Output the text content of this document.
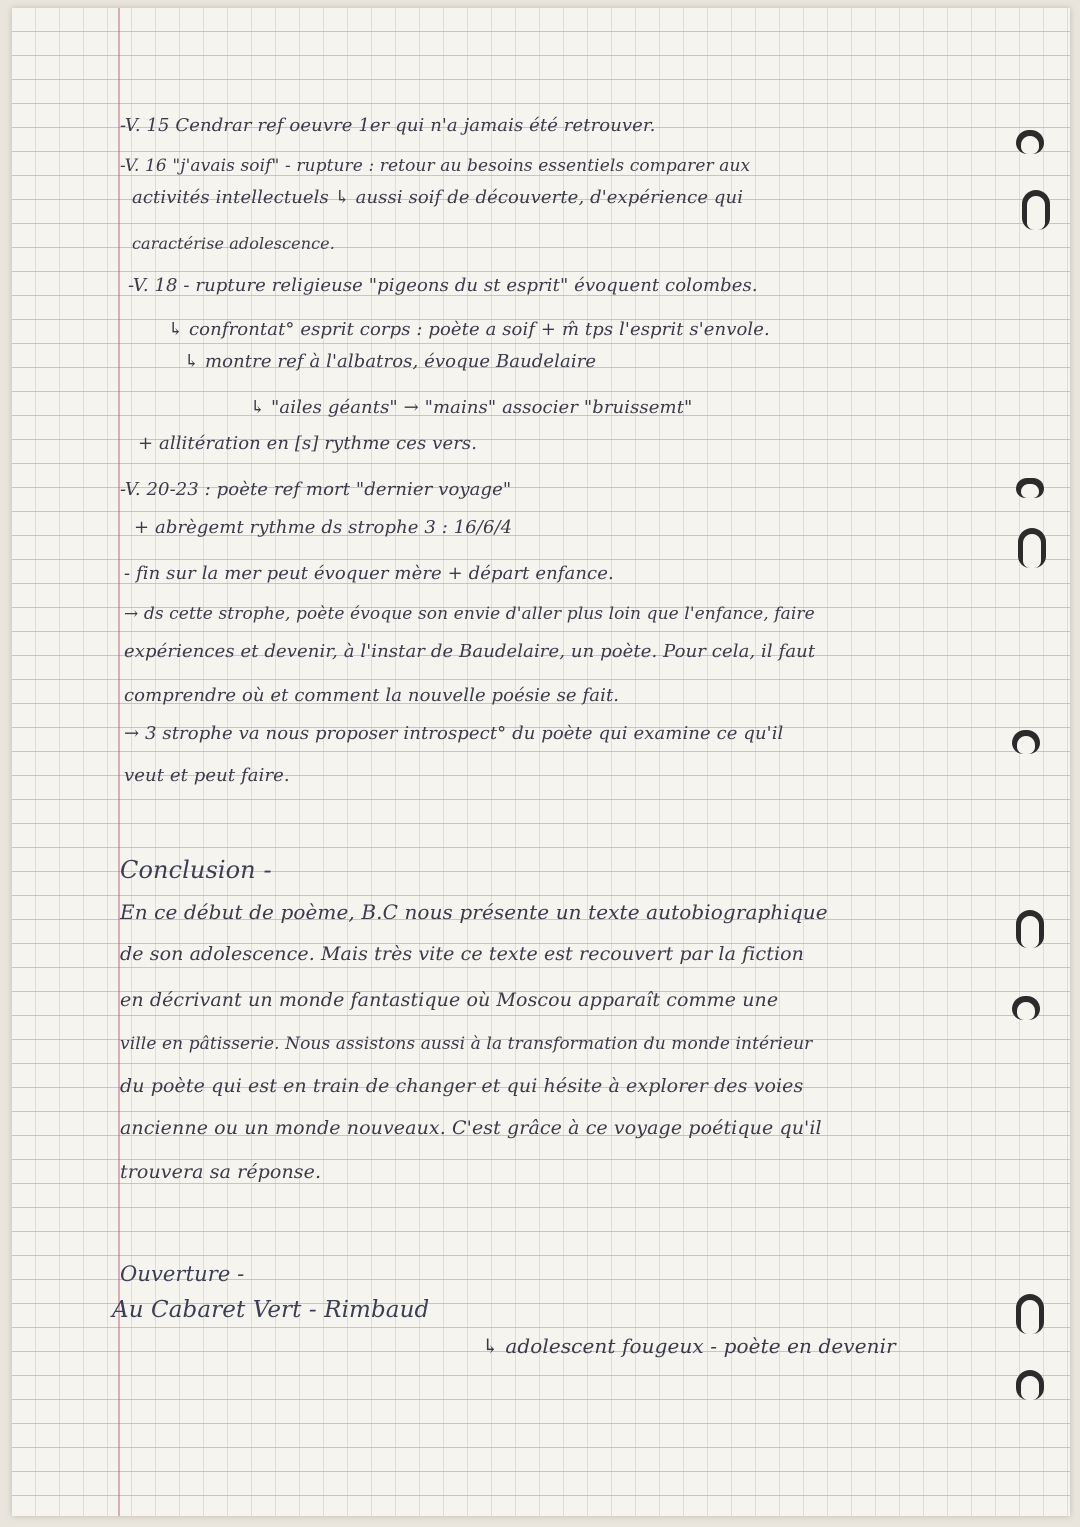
-V. 15 Cendrar ref oeuvre 1er qui n'a jamais été retrouver.
-V. 16 "j'avais soif" - rupture : retour au besoins essentiels comparer aux
activités intellectuels ↳ aussi soif de découverte, d'expérience qui
caractérise adolescence.
-V. 18 - rupture religieuse "pigeons du st esprit" évoquent colombes.
↳ confrontat° esprit corps : poète a soif + m̂ tps l'esprit s'envole.
↳ montre ref à l'albatros, évoque Baudelaire
↳ "ailes géants" → "mains" associer "bruissemt"
+ allitération en [s] rythme ces vers.
-V. 20-23 : poète ref mort "dernier voyage"
+ abrègemt rythme ds strophe 3 : 16/6/4
- fin sur la mer peut évoquer mère + départ enfance.
→ ds cette strophe, poète évoque son envie d'aller plus loin que l'enfance, faire
expériences et devenir, à l'instar de Baudelaire, un poète. Pour cela, il faut
comprendre où et comment la nouvelle poésie se fait.
→ 3 strophe va nous proposer introspect° du poète qui examine ce qu'il
veut et peut faire.
Conclusion -
En ce début de poème, B.C nous présente un texte autobiographique
de son adolescence. Mais très vite ce texte est recouvert par la fiction
en décrivant un monde fantastique où Moscou apparaît comme une
ville en pâtisserie. Nous assistons aussi à la transformation du monde intérieur
du poète qui est en train de changer et qui hésite à explorer des voies
ancienne ou un monde nouveaux. C'est grâce à ce voyage poétique qu'il
trouvera sa réponse.
Ouverture -
Au Cabaret Vert - Rimbaud
↳ adolescent fougeux - poète en devenir
